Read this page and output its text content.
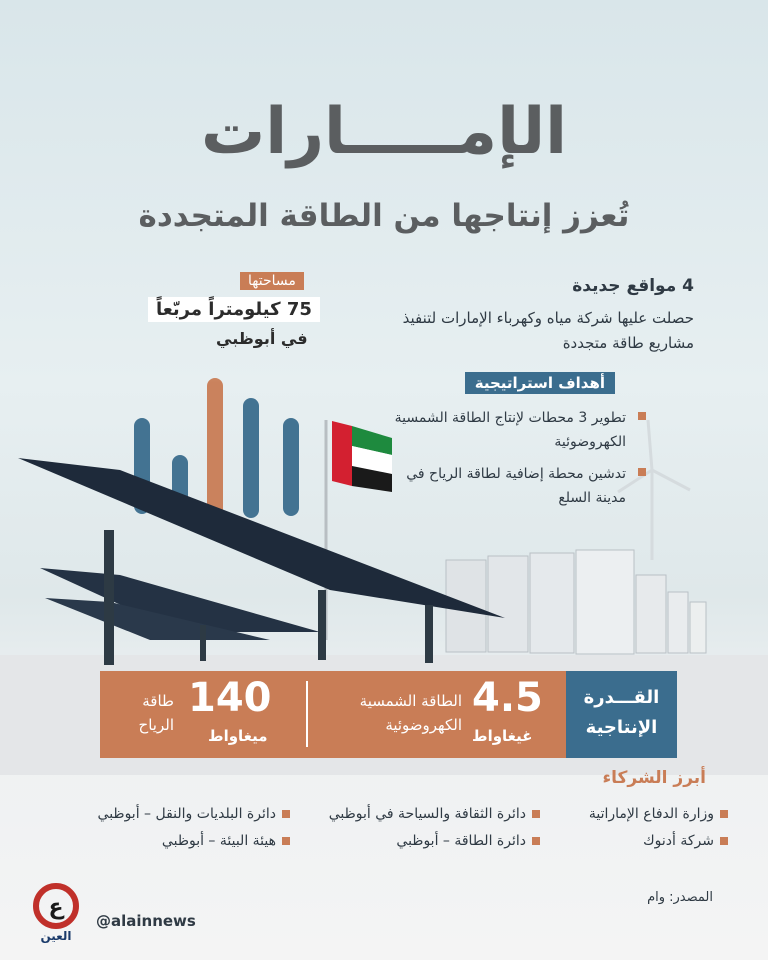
الإمـــــارات
تُعزز إنتاجها من الطاقة المتجددة
4 مواقع جديدة
حصلت عليها شركة مياه وكهرباء الإمارات لتنفيذ مشاريع طاقة متجددة
مساحتها
75 كيلومتراً مربّعاً
في أبوظبي
أهداف استراتيجية
تطوير 3 محطات لإنتاج الطاقة الشمسية الكهروضوئية
تدشين محطة إضافية لطاقة الرياح في مدينة السلع
القـــدرة الإنتاجية
4.5
غيغاواط
الطاقة الشمسية الكهروضوئية
140
ميغاواط
طاقة الرياح
أبرز الشركاء
وزارة الدفاع الإماراتية
دائرة الثقافة والسياحة في أبوظبي
دائرة البلديات والنقل – أبوظبي
شركة أدنوك
دائرة الطاقة – أبوظبي
هيئة البيئة – أبوظبي
المصدر: وام
@alainnews
ع
العين
